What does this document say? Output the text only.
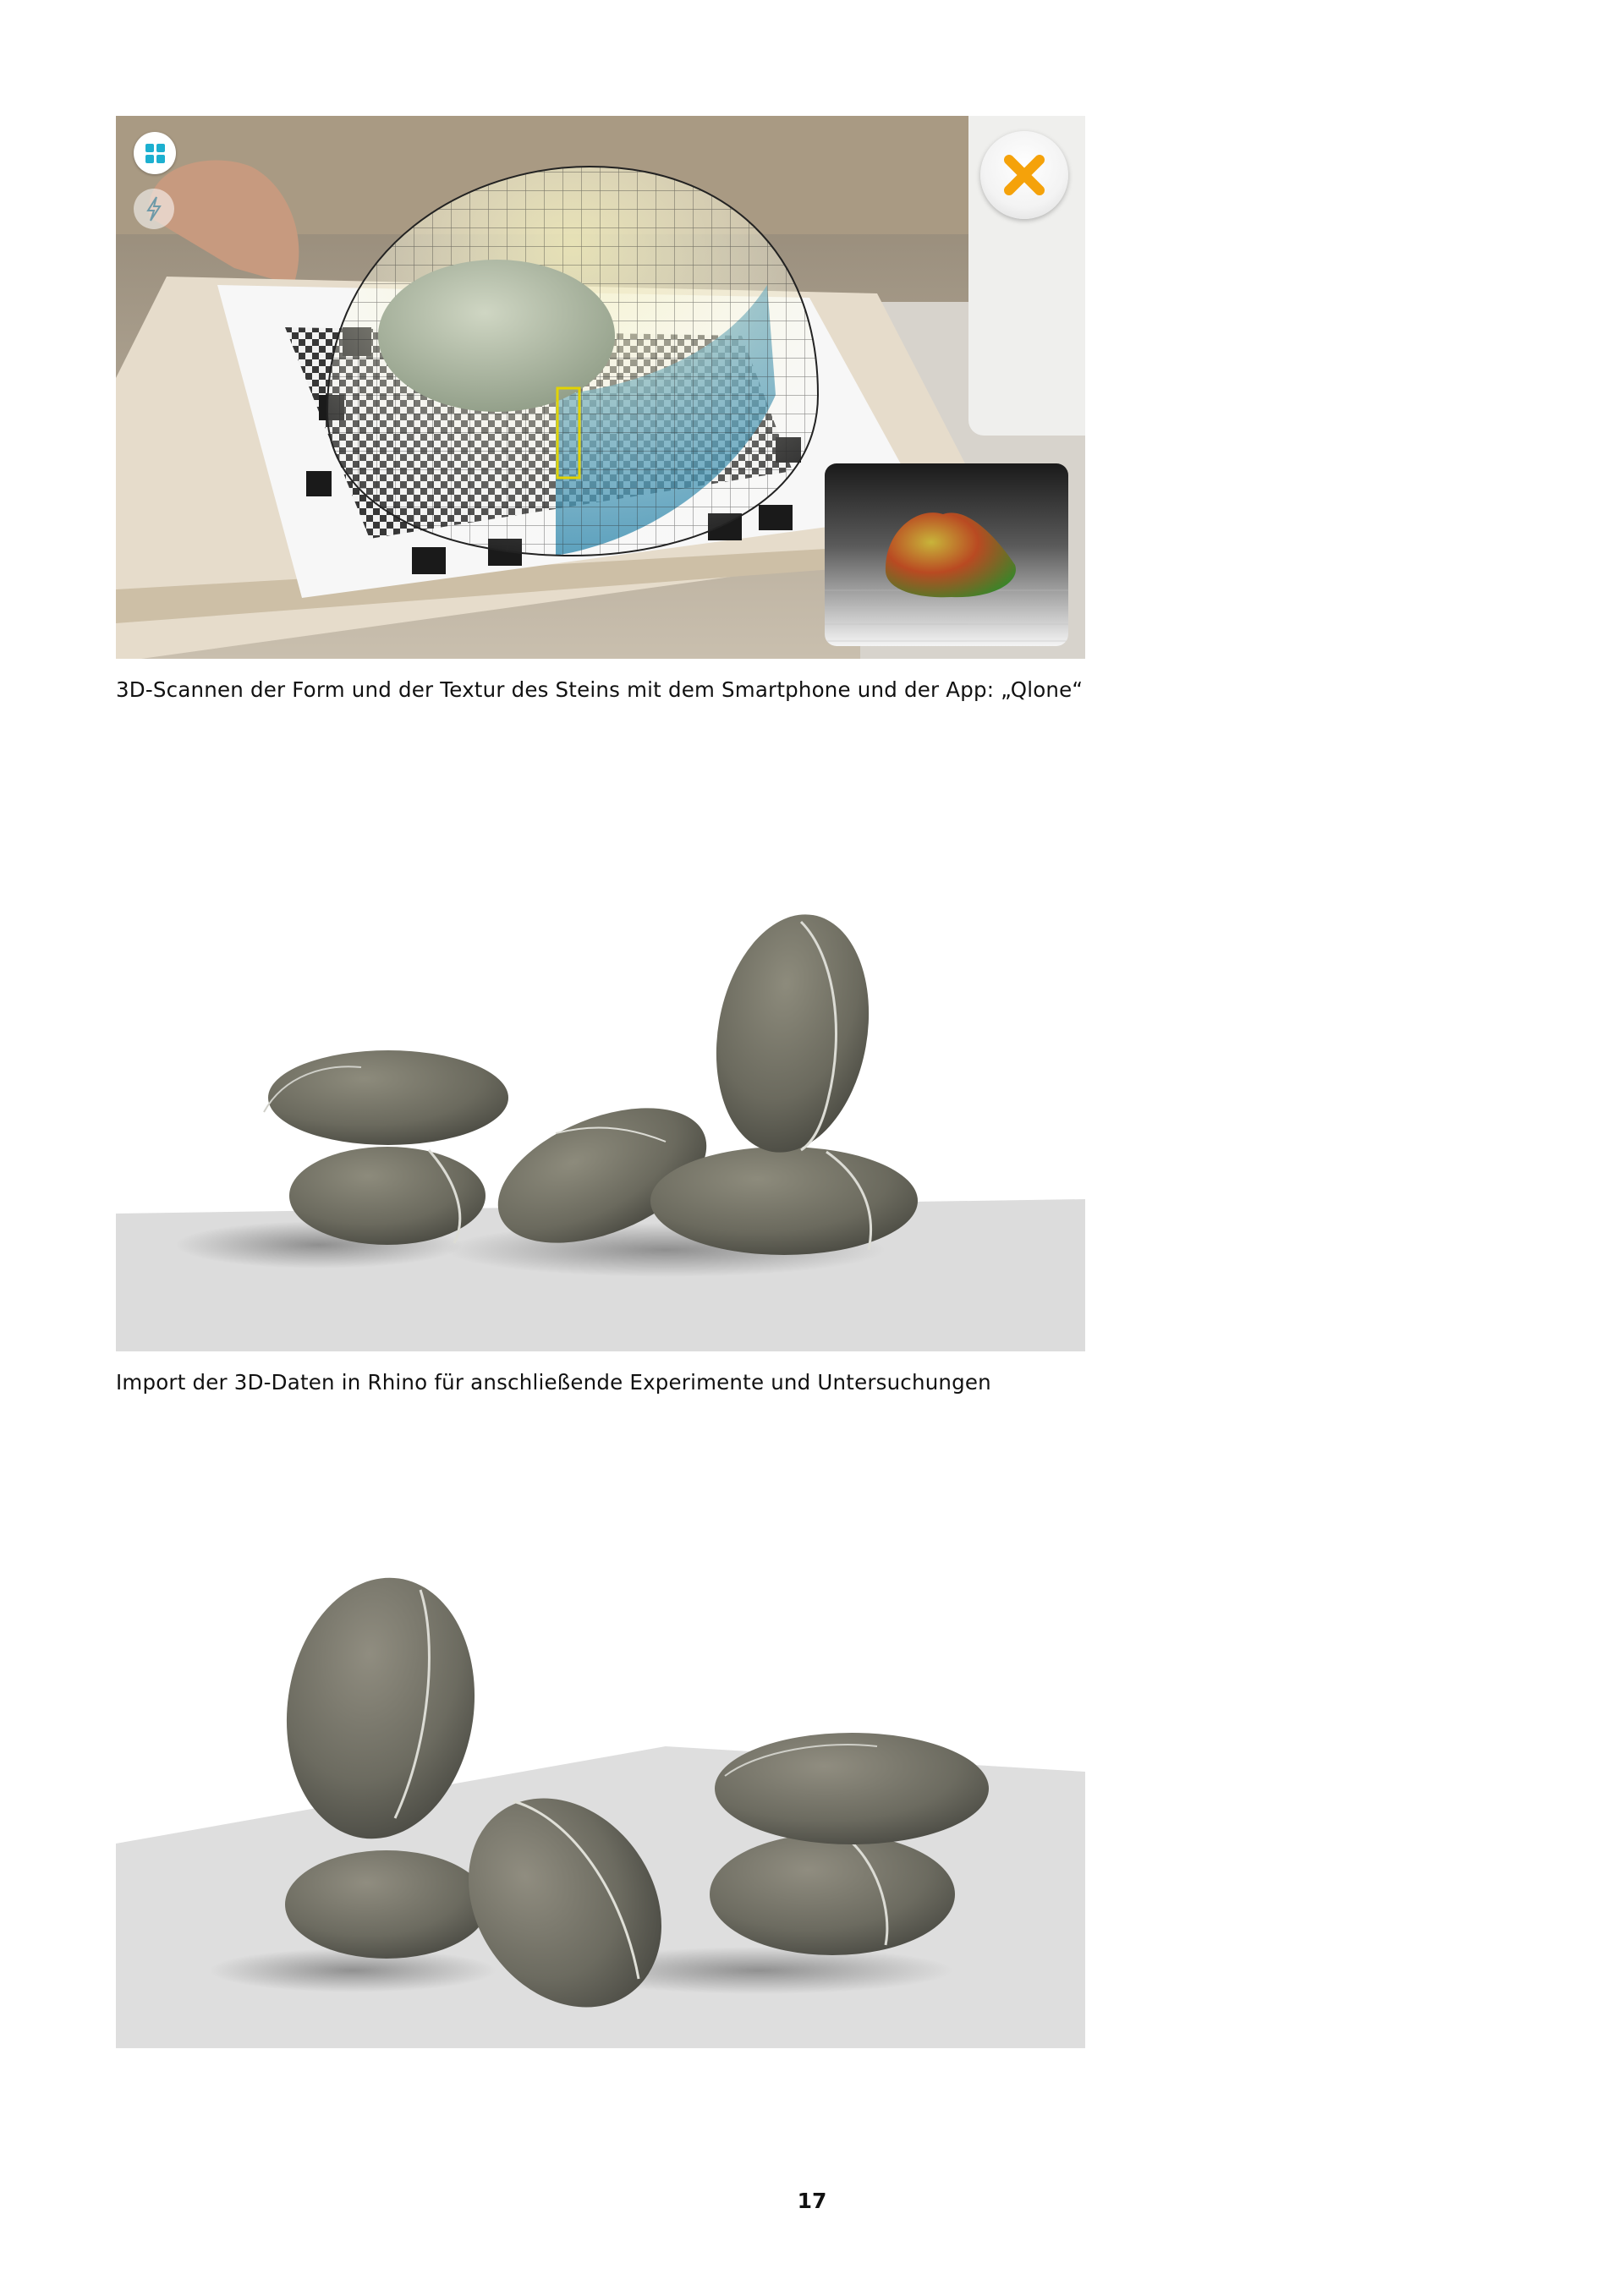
3D-Scannen der Form und der Textur des Steins mit dem Smartphone und der App: „Qlone“
Import der 3D-Daten in Rhino für anschließende Experimente und Untersuchungen
17
